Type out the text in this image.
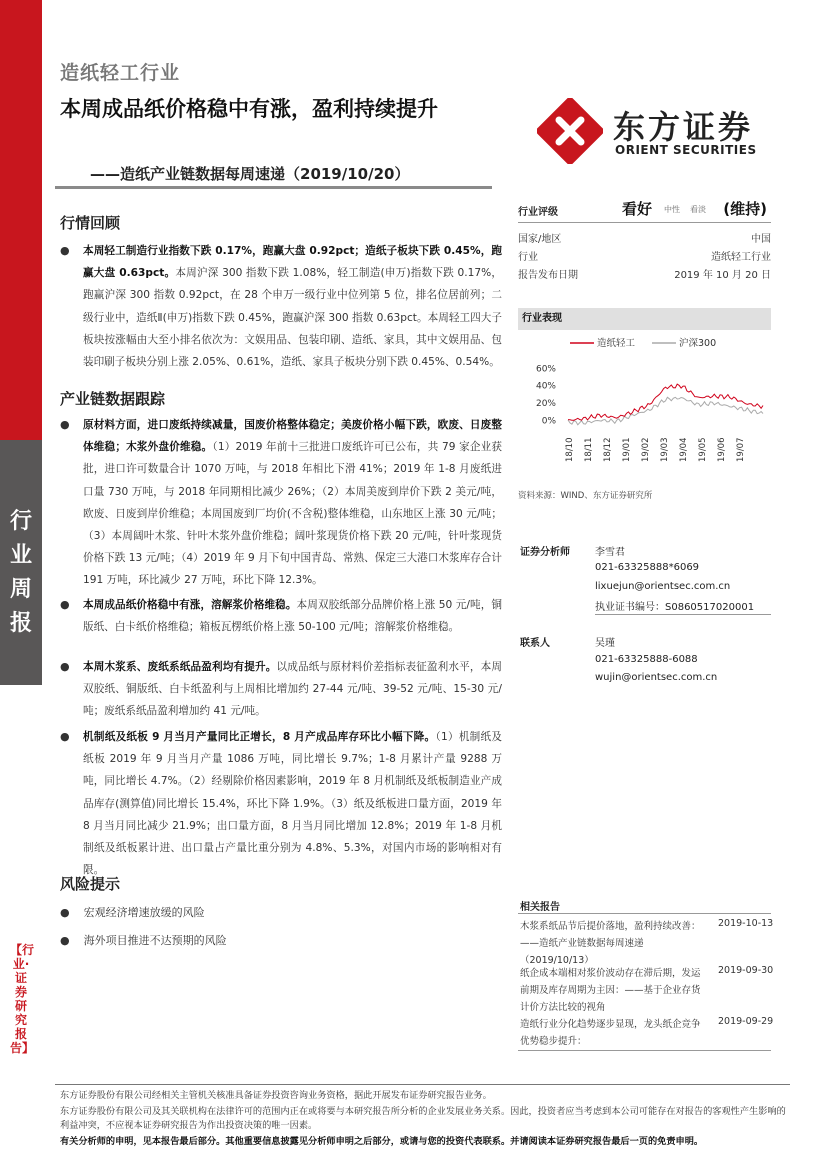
行业周报
【行业·证券研究报告】
造纸轻工行业
本周成品纸价格稳中有涨，盈利持续提升
——造纸产业链数据每周速递（2019/10/20）
东方证券
ORIENT SECURITIES
行业评级	看好 中性 看淡 (维持)
国家/地区	中国
行业	造纸轻工行业
报告发布日期	2019 年 10 月 20 日
行业表现
造纸轻工	沪深300
60%
40%
20%
0%
18/10 18/11 18/12 19/01 19/02 19/03 19/04 19/05 19/06 19/07
资料来源：WIND、东方证券研究所
证券分析师	李雪君
021-63325888*6069
lixuejun@orientsec.com.cn
执业证书编号：S0860517020001
联系人	吴瑾
021-63325888-6088
wujin@orientsec.com.cn
行情回顾
● 本周轻工制造行业指数下跌 0.17%，跑赢大盘 0.92pct；造纸子板块下跌 0.45%，跑赢大盘 0.63pct。本周沪深 300 指数下跌 1.08%，轻工制造(申万)指数下跌 0.17%，跑赢沪深 300 指数 0.92pct，在 28 个申万一级行业中位列第 5 位，排名位居前列；二级行业中，造纸Ⅱ(申万)指数下跌 0.45%，跑赢沪深 300 指数 0.63pct。本周轻工四大子板块按涨幅由大至小排名依次为：文娱用品、包装印刷、造纸、家具，其中文娱用品、包装印刷子板块分别上涨 2.05%、0.61%，造纸、家具子板块分别下跌 0.45%、0.54%。
产业链数据跟踪
● 原材料方面，进口废纸持续减量，国废价格整体稳定；美废价格小幅下跌，欧废、日废整体维稳；木浆外盘价维稳。（1）2019 年前十三批进口废纸许可已公布，共 79 家企业获批，进口许可数量合计 1070 万吨，与 2018 年相比下滑 41%；2019 年 1-8 月废纸进口量 730 万吨，与 2018 年同期相比减少 26%；（2）本周美废到岸价下跌 2 美元/吨，欧废、日废到岸价维稳；本周国废到厂均价(不含税)整体维稳，山东地区上涨 30 元/吨；（3）本周阔叶木浆、针叶木浆外盘价维稳；阔叶浆现货价格下跌 20 元/吨，针叶浆现货价格下跌 13 元/吨；（4）2019 年 9 月下旬中国青岛、常熟、保定三大港口木浆库存合计 191 万吨，环比减少 27 万吨，环比下降 12.3%。
● 本周成品纸价格稳中有涨，溶解浆价格维稳。本周双胶纸部分品牌价格上涨 50 元/吨，铜版纸、白卡纸价格维稳；箱板瓦楞纸价格上涨 50-100 元/吨；溶解浆价格维稳。
● 本周木浆系、废纸系纸品盈利均有提升。以成品纸与原材料价差指标表征盈利水平，本周双胶纸、铜版纸、白卡纸盈利与上周相比增加约 27-44 元/吨、39-52 元/吨、15-30 元/吨；废纸系纸品盈利增加约 41 元/吨。
● 机制纸及纸板 9 月当月产量同比正增长，8 月产成品库存环比小幅下降。（1）机制纸及纸板 2019 年 9 月当月产量 1086 万吨，同比增长 9.7%；1-8 月累计产量 9288 万吨，同比增长 4.7%。（2）经剔除价格因素影响，2019 年 8 月机制纸及纸板制造业产成品库存(测算值)同比增长 15.4%，环比下降 1.9%。（3）纸及纸板进口量方面，2019 年 8 月当月同比减少 21.9%；出口量方面，8 月当月同比增加 12.8%；2019 年 1-8 月机制纸及纸板累计进、出口量占产量比重分别为 4.8%、5.3%，对国内市场的影响相对有限。
风险提示
● 宏观经济增速放缓的风险
● 海外项目推进不达预期的风险
相关报告
木浆系纸品节后提价落地，盈利持续改善：——造纸产业链数据每周速递（2019/10/13）
2019-10-13
纸企成本端相对浆价波动存在滞后期，发运前期及库存周期为主因：——基于企业存货计价方法比较的视角
2019-09-30
造纸行业分化趋势逐步显现，龙头纸企竞争优势稳步提升：
2019-09-29
东方证券股份有限公司经相关主管机关核准具备证券投资咨询业务资格，据此开展发布证券研究报告业务。
东方证券股份有限公司及其关联机构在法律许可的范围内正在或将要与本研究报告所分析的企业发展业务关系。因此，投资者应当考虑到本公司可能存在对报告的客观性产生影响的利益冲突，不应视本证券研究报告为作出投资决策的唯一因素。
有关分析师的申明，见本报告最后部分。其他重要信息披露见分析师申明之后部分，或请与您的投资代表联系。并请阅读本证券研究报告最后一页的免责申明。
